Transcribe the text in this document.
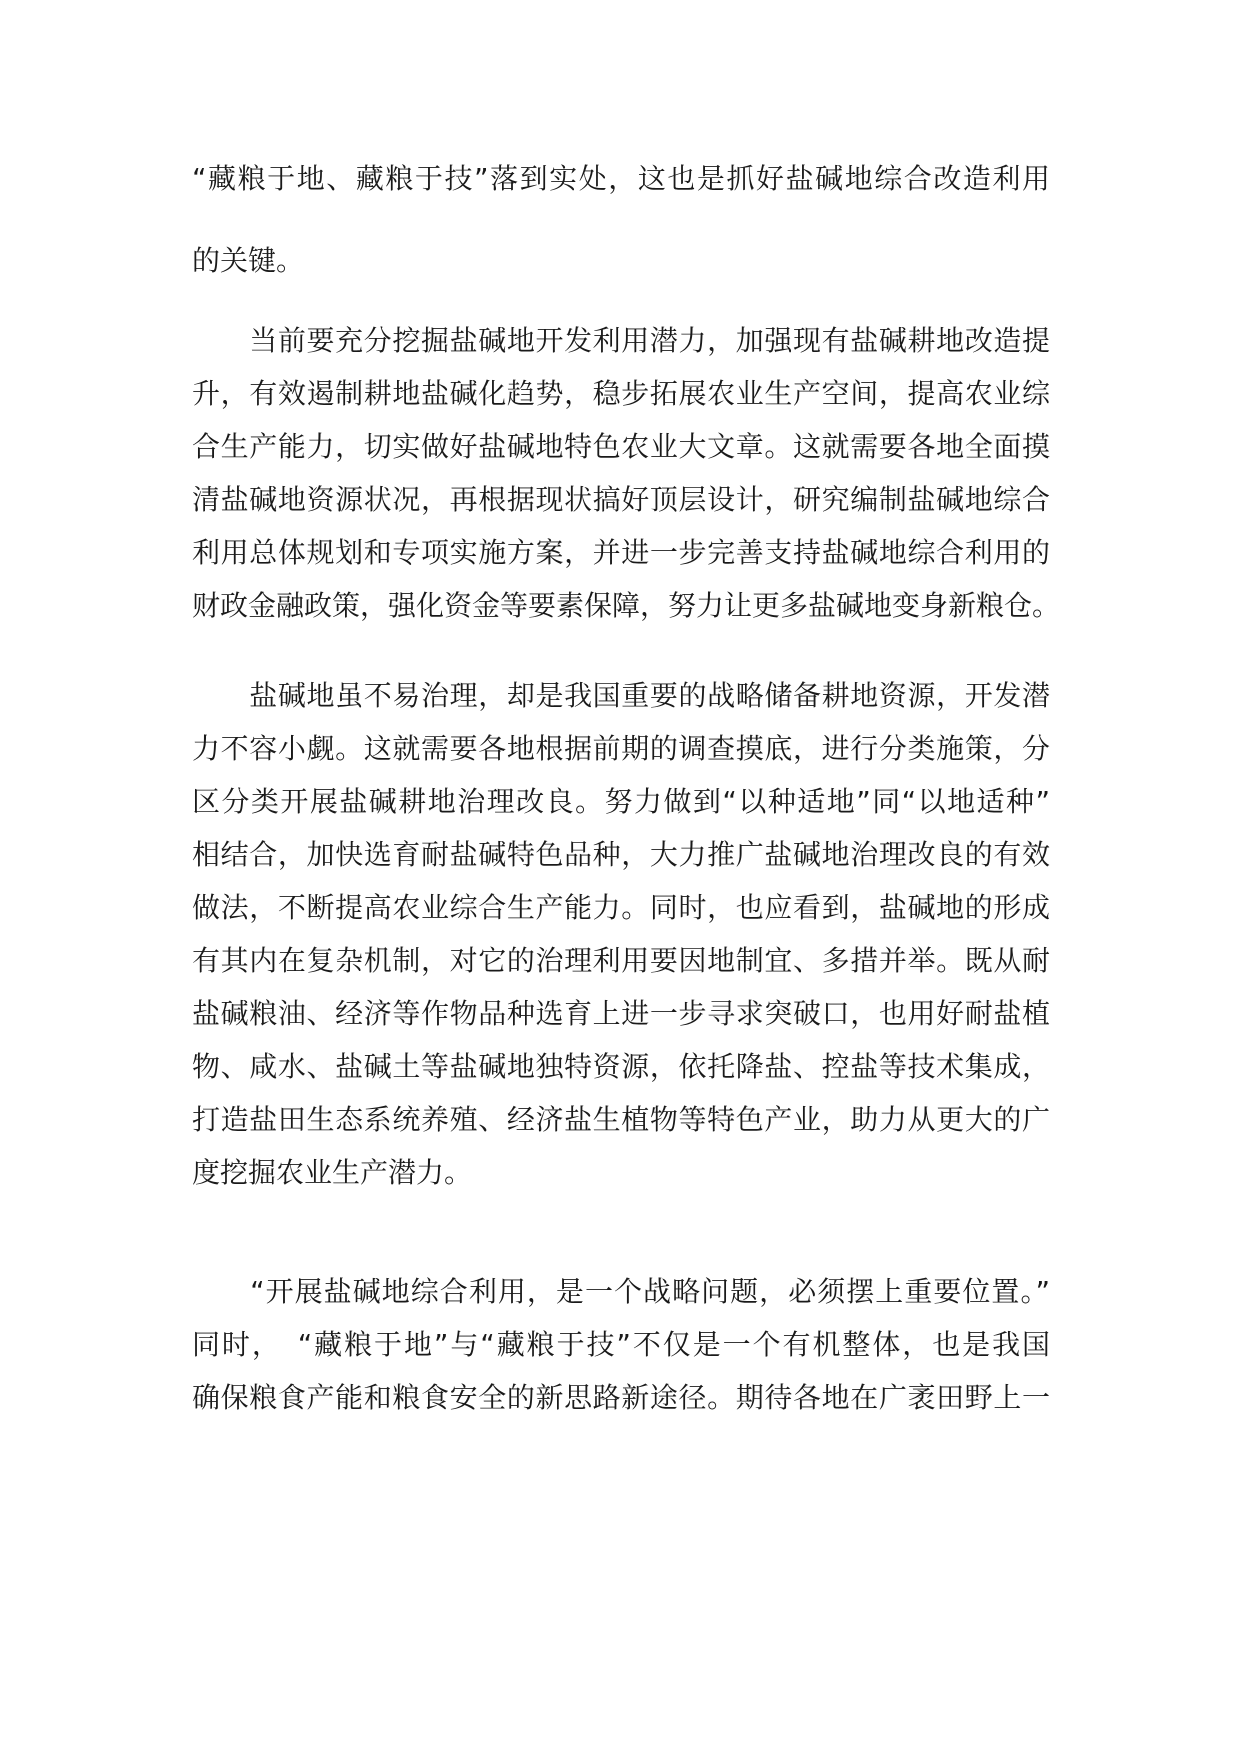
“藏粮于地、藏粮于技”落到实处，这也是抓好盐碱地综合改造利用
的关键。
　　当前要充分挖掘盐碱地开发利用潜力，加强现有盐碱耕地改造提
升，有效遏制耕地盐碱化趋势，稳步拓展农业生产空间，提高农业综
合生产能力，切实做好盐碱地特色农业大文章。这就需要各地全面摸
清盐碱地资源状况，再根据现状搞好顶层设计，研究编制盐碱地综合
利用总体规划和专项实施方案，并进一步完善支持盐碱地综合利用的
财政金融政策，强化资金等要素保障，努力让更多盐碱地变身新粮仓。
　　盐碱地虽不易治理，却是我国重要的战略储备耕地资源，开发潜
力不容小觑。这就需要各地根据前期的调查摸底，进行分类施策，分
区分类开展盐碱耕地治理改良。努力做到“以种适地”同“以地适种”
相结合，加快选育耐盐碱特色品种，大力推广盐碱地治理改良的有效
做法，不断提高农业综合生产能力。同时，也应看到，盐碱地的形成
有其内在复杂机制，对它的治理利用要因地制宜、多措并举。既从耐
盐碱粮油、经济等作物品种选育上进一步寻求突破口，也用好耐盐植
物、咸水、盐碱土等盐碱地独特资源，依托降盐、控盐等技术集成，
打造盐田生态系统养殖、经济盐生植物等特色产业，助力从更大的广
度挖掘农业生产潜力。
　　“开展盐碱地综合利用，是一个战略问题，必须摆上重要位置。”
同时，　“藏粮于地”与“藏粮于技”不仅是一个有机整体，也是我国
确保粮食产能和粮食安全的新思路新途径。期待各地在广袤田野上一
